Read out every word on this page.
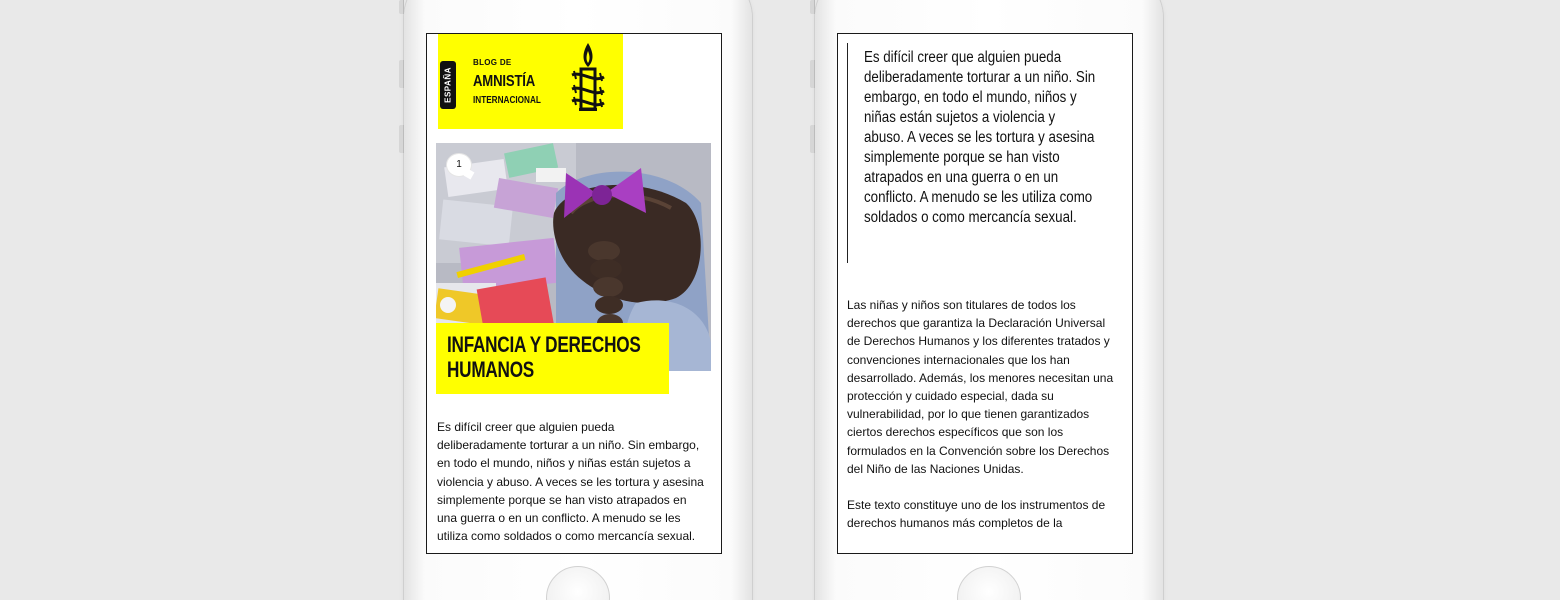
ESPAÑA
BLOG DE
AMNISTÍA
INTERNACIONAL
1
INFANCIA Y DERECHOS HUMANOS
Es difícil creer que alguien pueda deliberadamente torturar a un niño. Sin embargo, en todo el mundo, niños y niñas están sujetos a violencia y abuso. A veces se les tortura y asesina simplemente porque se han visto atrapados en una guerra o en un conflicto. A menudo se les utiliza como soldados o como mercancía sexual.
Es difícil creer que alguien pueda deliberadamente torturar a un niño. Sin embargo, en todo el mundo, niños y niñas están sujetos a violencia y abuso. A veces se les tortura y asesina simplemente porque se han visto atrapados en una guerra o en un conflicto. A menudo se les utiliza como soldados o como mercancía sexual.

Las niñas y niños son titulares de todos los derechos que garantiza la Declaración Universal de Derechos Humanos y los diferentes tratados y convenciones internacionales que los han desarrollado. Además, los menores necesitan una protección y cuidado especial, dada su vulnerabilidad, por lo que tienen garantizados ciertos derechos específicos que son los formulados en la Convención sobre los Derechos del Niño de las Naciones Unidas.

Este texto constituye uno de los instrumentos de derechos humanos más completos de la
